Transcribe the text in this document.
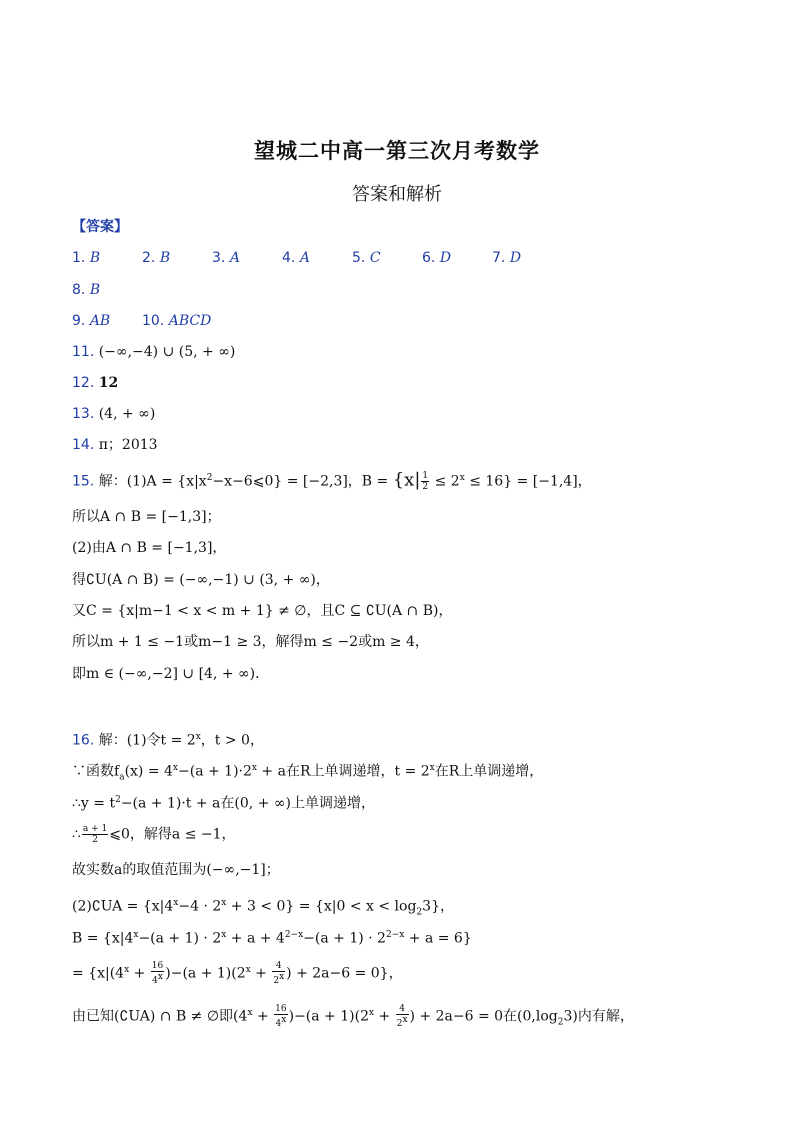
望城二中高一第三次月考数学
答案和解析
【答案】
1. B	2. B	3. A	4. A	5. C	6. D	7. D
8. B
9. AB 10. ABCD
11. (−∞,−4) ∪ (5, + ∞)
12. 12
13. (4, + ∞)
14. π；2013
15. 解：$(1)A = \{x|x^2-x-6⩽0\} = [-2,3]$，$B = \{x| \frac{1}{2} \le 2^x \le 16\} = [-1,4]$，
所以A ∩ B = [−1,3]；
(2)由A ∩ B = [−1,3]，
得∁U(A ∩ B) = (−∞,−1) ∪ (3, + ∞)，
又C = {x|m−1 < x < m + 1} ≠ ∅，且C ⊆ ∁U(A ∩ B)，
所以m + 1 ≤ −1或m−1 ≥ 3，解得m ≤ −2或m ≥ 4，
即m ∈ (−∞,−2] ∪ [4, + ∞)．
16. 解：(1)令$t = 2^x$，t > 0，
∵函数$f_a(x) = 4^x-(a + 1)\cdot 2^x + a$在R上单调递增，$t = 2^x$在R上单调递增，
∴y = $t^2-(a + 1)\cdot t + a$在(0, + ∞)上单调递增，
∴ $\frac{a + 1}{2}$ ⩽0，解得a ≤ −1，
故实数a的取值范围为(−∞,−1]；
(2)∁UA = $\{x|4^x-4 \cdot 2^x + 3 < 0\} = \{x|0 < x < \log_23\}$，
$B = \{x|4^x-(a + 1) \cdot 2^x + a + 4^{2-x}-(a + 1) \cdot 2^{2-x} + a = 6\}$
= {$x|(4^x + \frac{16}{4^x} )-(a + 1)(2^x + \frac{4}{2^x}$ ) + 2a−6 = 0}，
由已知(∁UA) ∩ B ≠ ∅即$(4^x + \frac{16}{4^x} )-(a + 1)(2^x + \frac{4}{2^x}$ ) + 2a−6 = 0在$(0,\log_23)$内有解，
